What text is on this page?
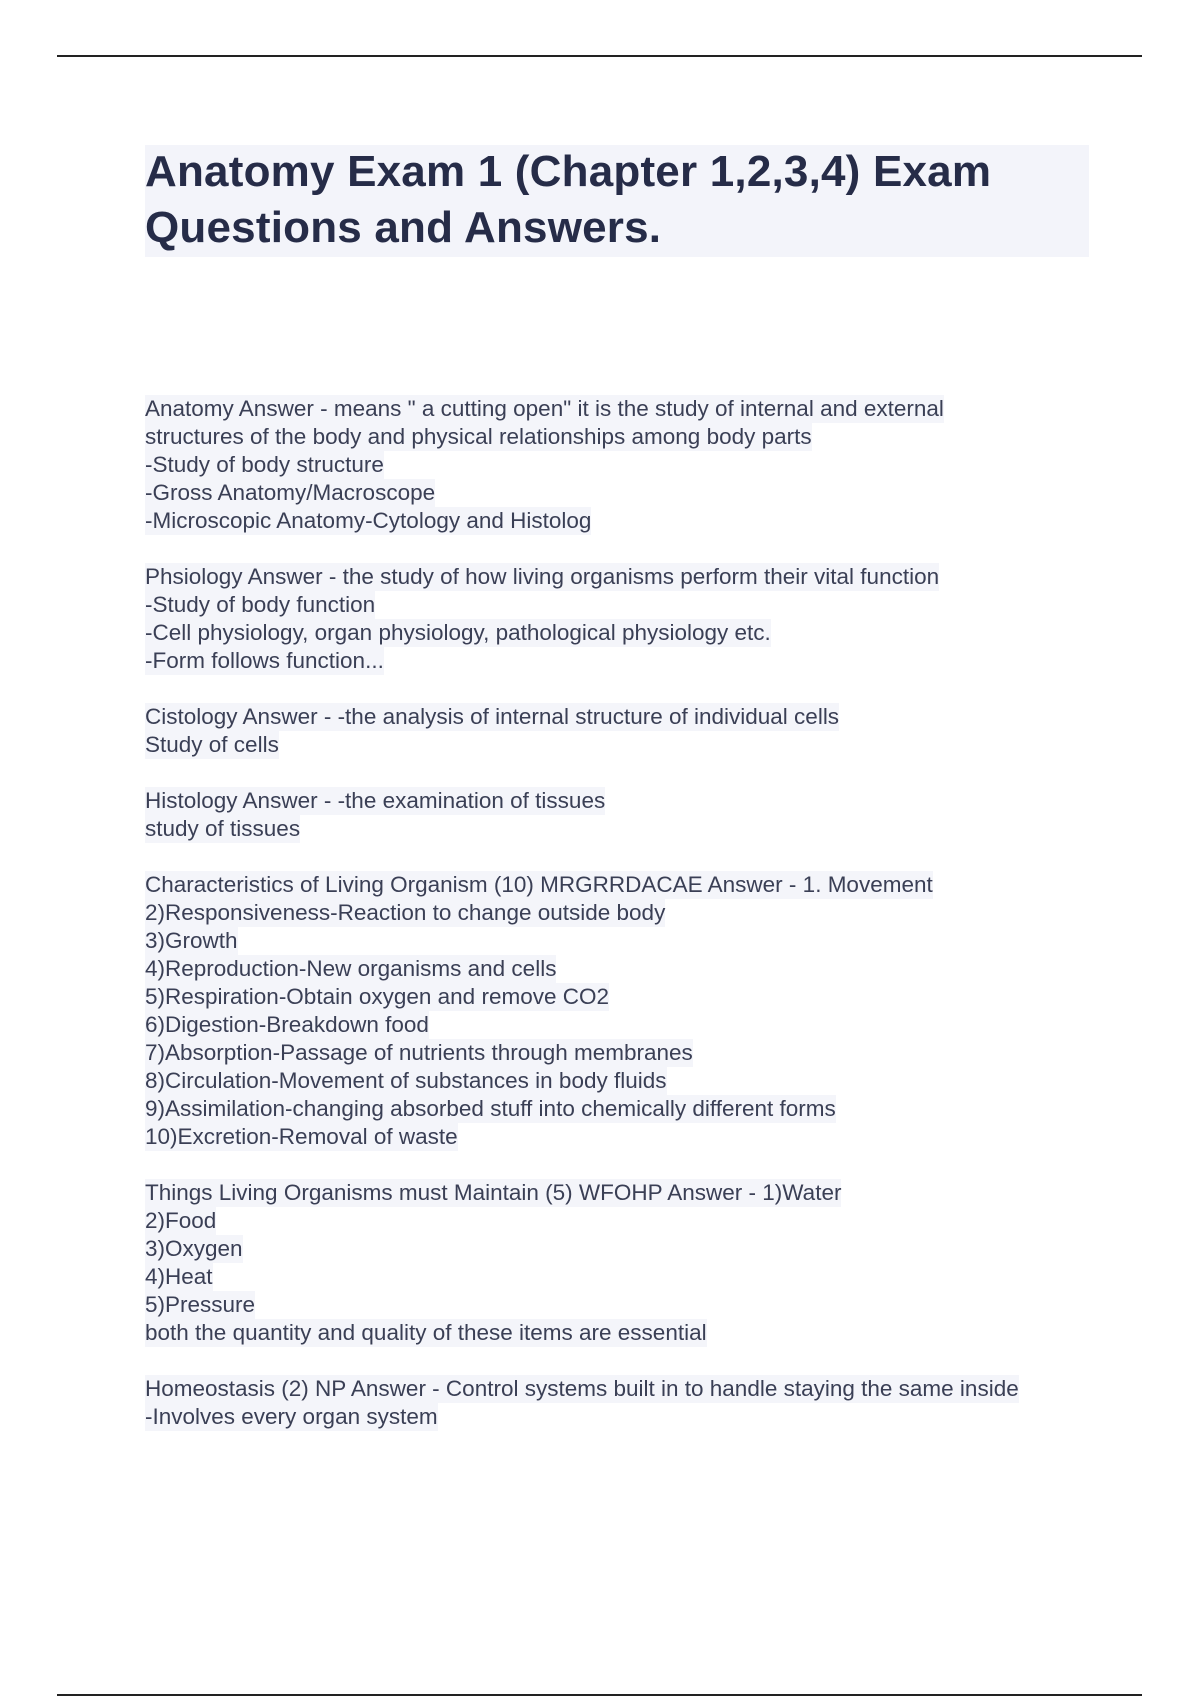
Anatomy Exam 1 (Chapter 1,2,3,4) Exam Questions and Answers.
Anatomy Answer - means " a cutting open" it is the study of internal and external
structures of the body and physical relationships among body parts
-Study of body structure
-Gross Anatomy/Macroscope
-Microscopic Anatomy-Cytology and Histolog
Phsiology Answer - the study of how living organisms perform their vital function
-Study of body function
-Cell physiology, organ physiology, pathological physiology etc.
-Form follows function...
Cistology Answer - -the analysis of internal structure of individual cells
Study of cells
Histology Answer - -the examination of tissues
study of tissues
Characteristics of Living Organism (10) MRGRRDACAE Answer - 1. Movement
2)Responsiveness-Reaction to change outside body
3)Growth
4)Reproduction-New organisms and cells
5)Respiration-Obtain oxygen and remove CO2
6)Digestion-Breakdown food
7)Absorption-Passage of nutrients through membranes
8)Circulation-Movement of substances in body fluids
9)Assimilation-changing absorbed stuff into chemically different forms
10)Excretion-Removal of waste
Things Living Organisms must Maintain (5) WFOHP Answer - 1)Water
2)Food
3)Oxygen
4)Heat
5)Pressure
both the quantity and quality of these items are essential
Homeostasis (2) NP Answer - Control systems built in to handle staying the same inside
-Involves every organ system
